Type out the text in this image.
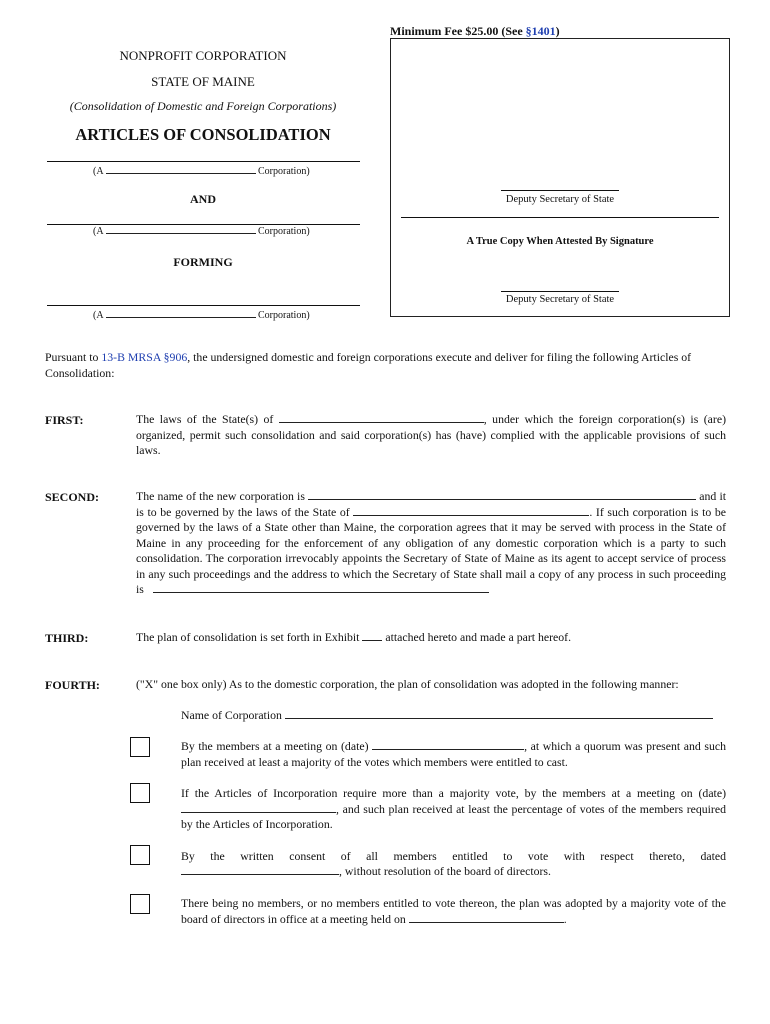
Minimum Fee $25.00 (See §1401)
NONPROFIT CORPORATION
STATE OF MAINE
(Consolidation of Domestic and Foreign Corporations)
ARTICLES OF CONSOLIDATION
(A	Corporation)
AND
(A	Corporation)
FORMING
(A	Corporation)
Deputy Secretary of State
A True Copy When Attested By Signature
Deputy Secretary of State
Pursuant to 13-B MRSA §906, the undersigned domestic and foreign corporations execute and deliver for filing the following Articles of Consolidation:
FIRST:	The laws of the State(s) of	, under which the foreign corporation(s) is (are) organized, permit such consolidation and said corporation(s) has (have) complied with the applicable provisions of such laws.
SECOND:	The name of the new corporation is	and it is to be governed by the laws of the State of	. If such corporation is to be governed by the laws of a State other than Maine, the corporation agrees that it may be served with process in the State of Maine in any proceeding for the enforcement of any obligation of any domestic corporation which is a party to such consolidation. The corporation irrevocably appoints the Secretary of State of Maine as its agent to accept service of process in any such proceedings and the address to which the Secretary of State shall mail a copy of any process in such proceeding is
THIRD:	The plan of consolidation is set forth in Exhibit attached hereto and made a part hereof.
FOURTH:	("X" one box only) As to the domestic corporation, the plan of consolidation was adopted in the following manner:
Name of Corporation
By the members at a meeting on (date)	, at which a quorum was present and such plan received at least a majority of the votes which members were entitled to cast.
If the Articles of Incorporation require more than a majority vote, by the members at a meeting on (date) , and such plan received at least the percentage of votes of the members required by the Articles of Incorporation.
By the written consent of all members entitled to vote with respect thereto, dated
, without resolution of the board of directors.
There being no members, or no members entitled to vote thereon, the plan was adopted by a majority vote of the board of directors in office at a meeting held on	.
